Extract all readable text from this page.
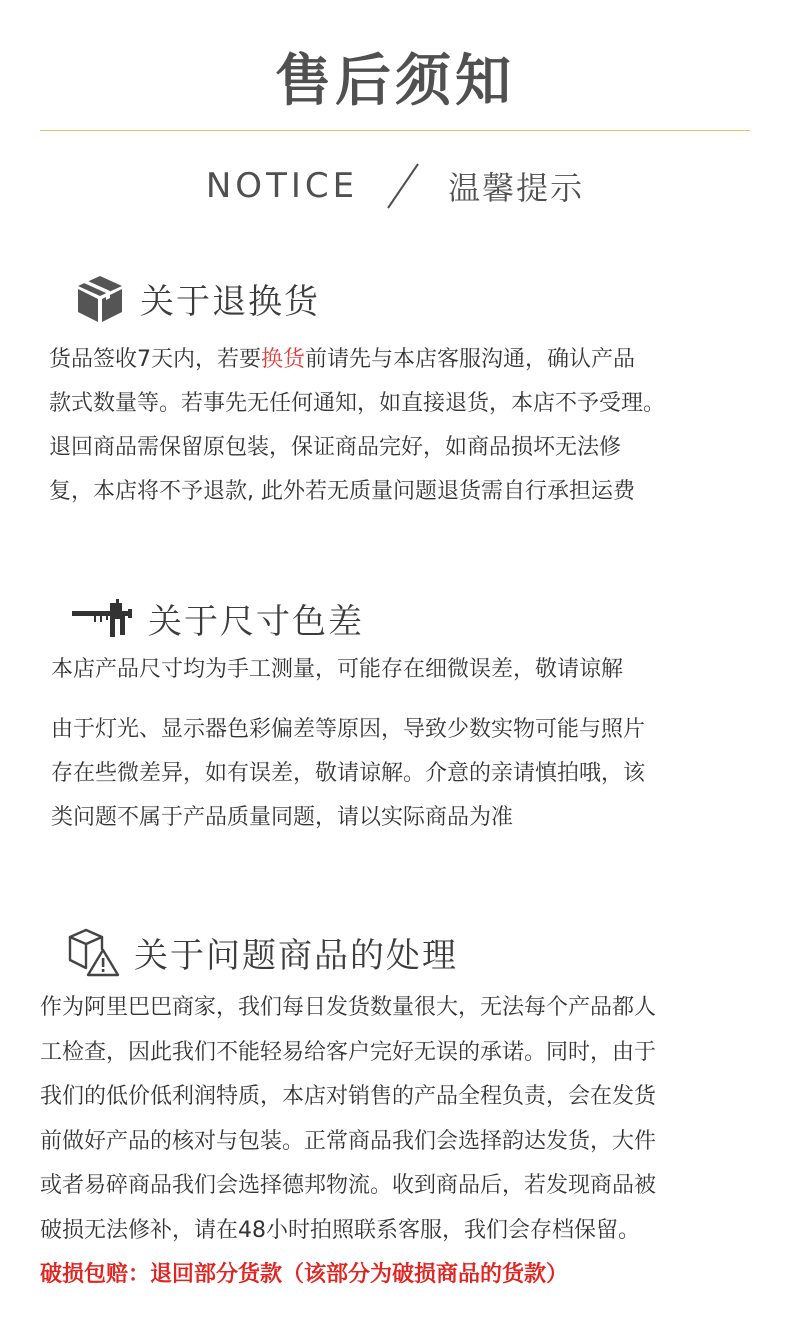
售后须知
NOTICE	温馨提示
关于退换货
货品签收7天内，若要换货前请先与本店客服沟通，确认产品
款式数量等。若事先无任何通知，如直接退货，本店不予受理。
退回商品需保留原包装，保证商品完好，如商品损坏无法修
复，本店将不予退款, 此外若无质量问题退货需自行承担运费
关于尺寸色差
本店产品尺寸均为手工测量，可能存在细微误差，敬请谅解
由于灯光、显示器色彩偏差等原因，导致少数实物可能与照片
存在些微差异，如有误差，敬请谅解。介意的亲请慎拍哦，该
类问题不属于产品质量同题，请以实际商品为准
关于问题商品的处理
作为阿里巴巴商家，我们每日发货数量很大，无法每个产品都人
工检查，因此我们不能轻易给客户完好无误的承诺。同时，由于
我们的低价低利润特质，本店对销售的产品全程负责，会在发货
前做好产品的核对与包装。正常商品我们会选择韵达发货，大件
或者易碎商品我们会选择德邦物流。收到商品后，若发现商品被
破损无法修补，请在48小时拍照联系客服，我们会存档保留。
破损包赔：退回部分货款（该部分为破损商品的货款）
